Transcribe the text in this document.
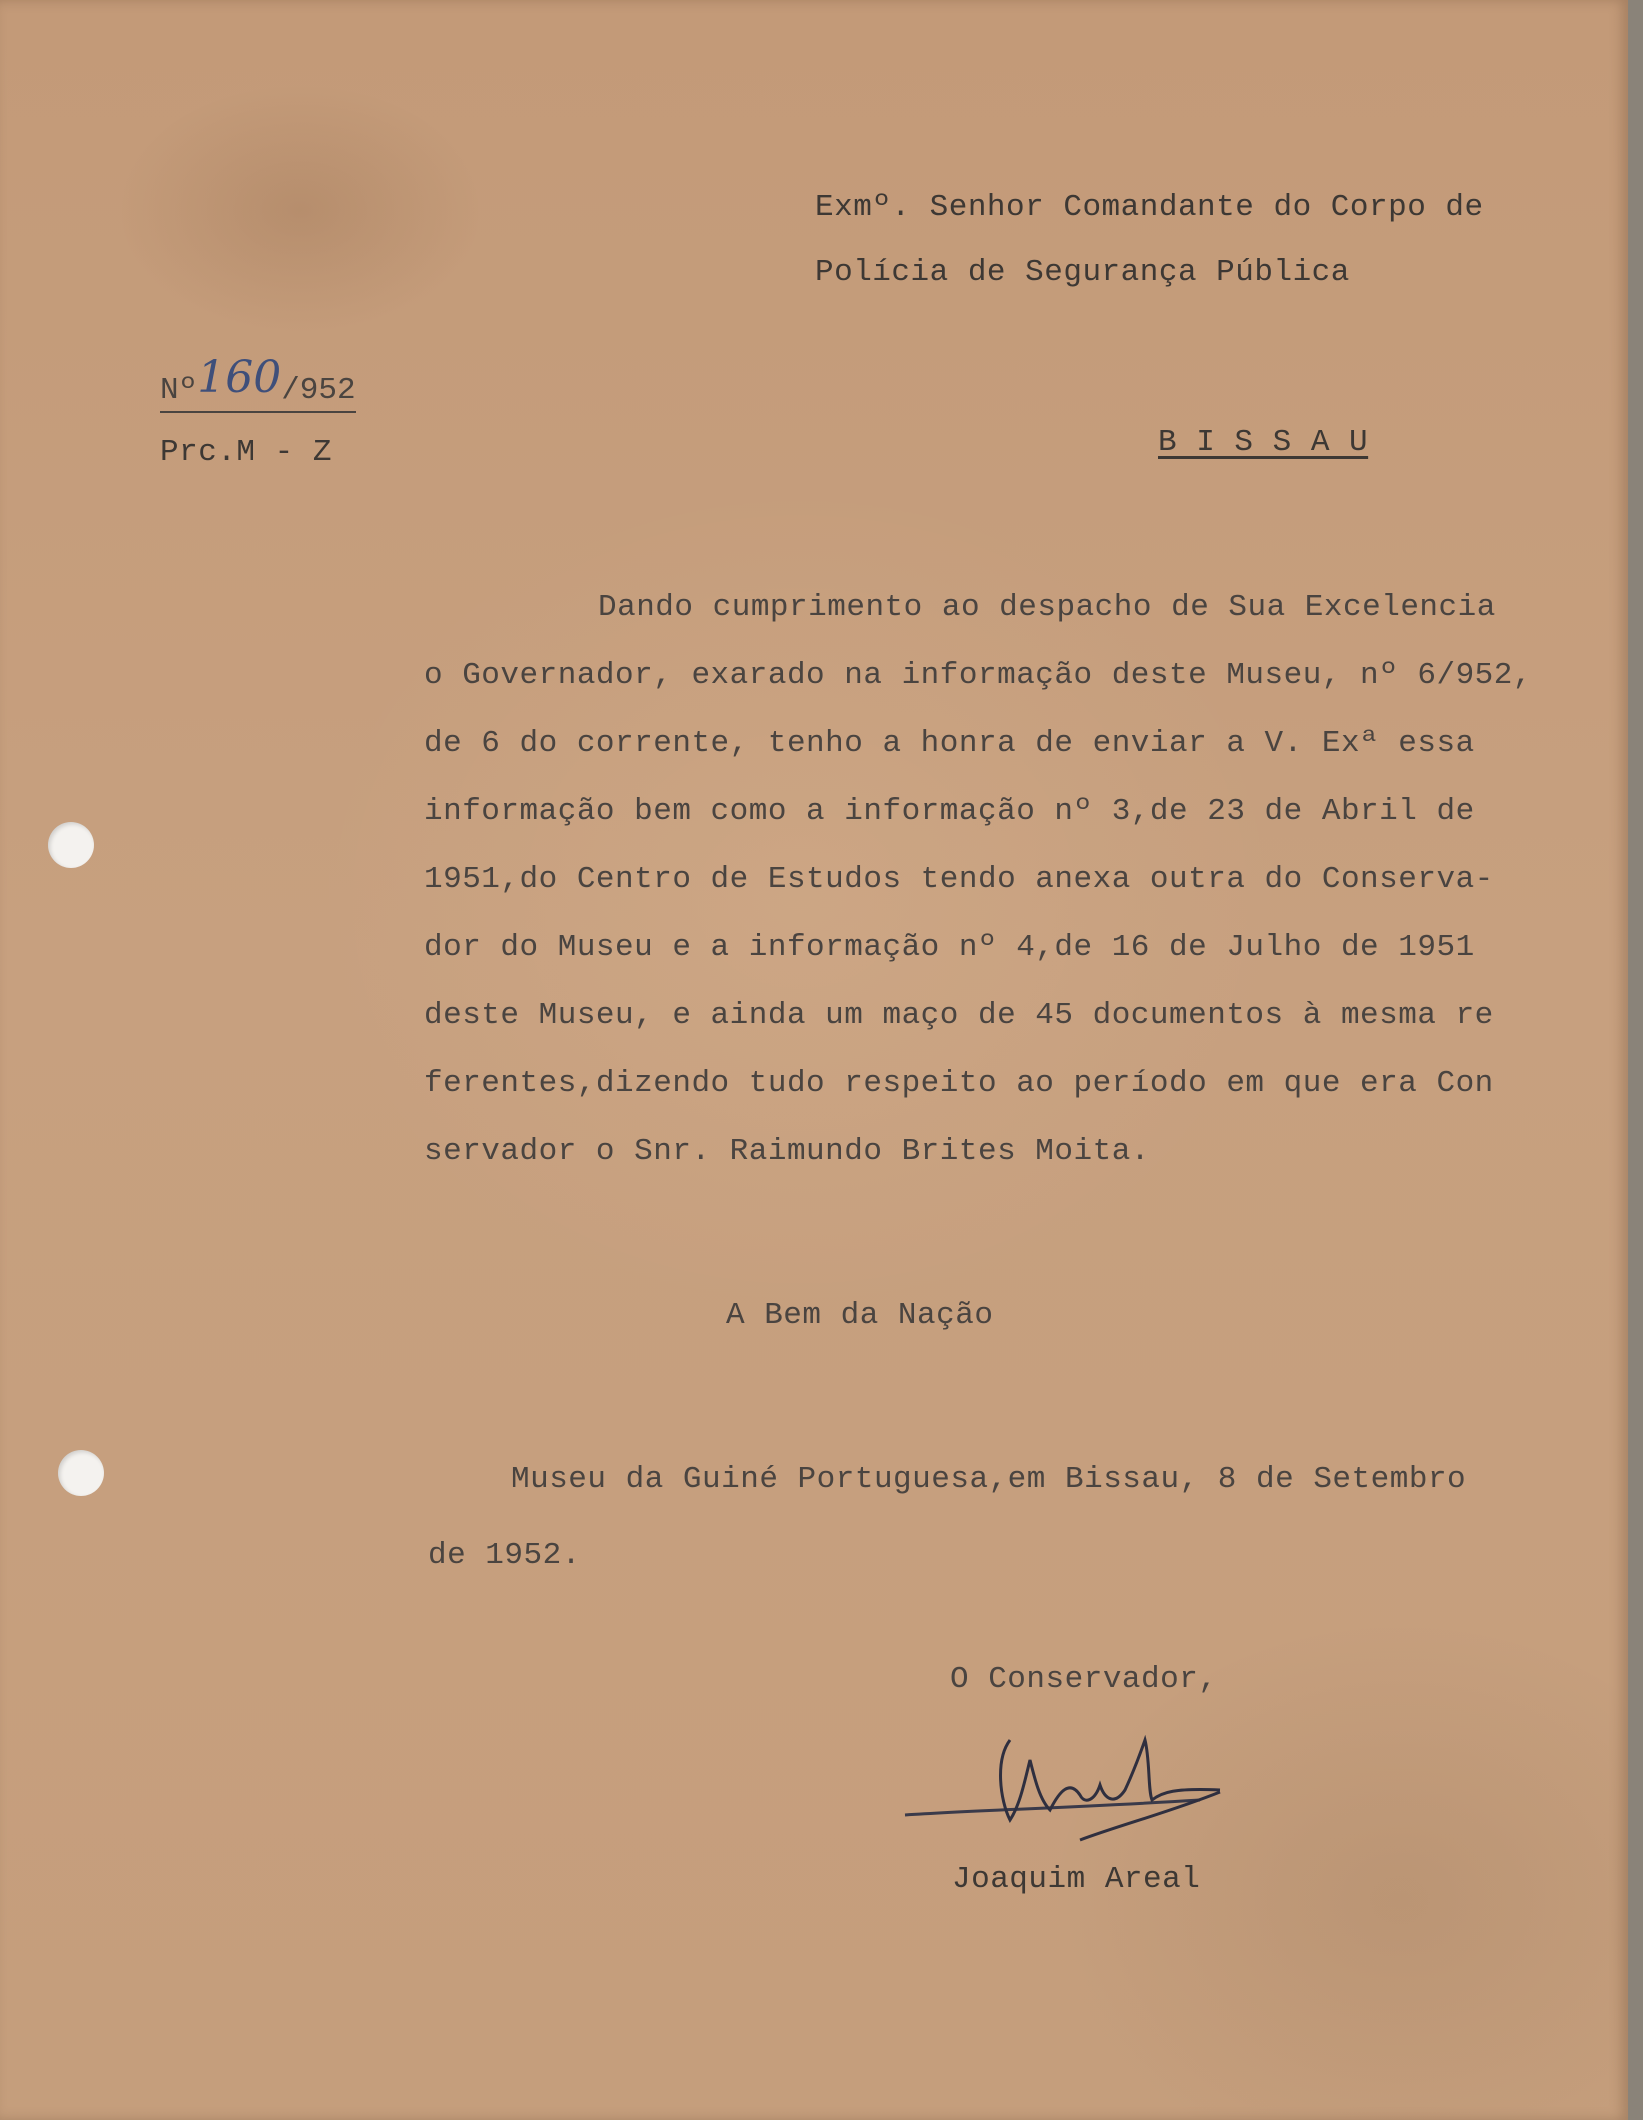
Exmº. Senhor Comandante do Corpo de
Polícia de Segurança Pública
B I S S A U
Nº160/952
Prc.M - Z
Dando cumprimento ao despacho de Sua Excelencia
o Governador, exarado na informação deste Museu, nº 6/952,
de 6 do corrente, tenho a honra de enviar a V. Exª essa
informação bem como a informação nº 3,de 23 de Abril de
1951,do Centro de Estudos tendo anexa outra do Conserva-
dor do Museu e a informação nº 4,de 16 de Julho de 1951
deste Museu, e ainda um maço de 45 documentos à mesma re
ferentes,dizendo tudo respeito ao período em que era Con
servador o Snr. Raimundo Brites Moita.
A Bem da Nação
Museu da Guiné Portuguesa,em Bissau, 8 de Setembro
de 1952.
O Conservador,
Joaquim Areal
